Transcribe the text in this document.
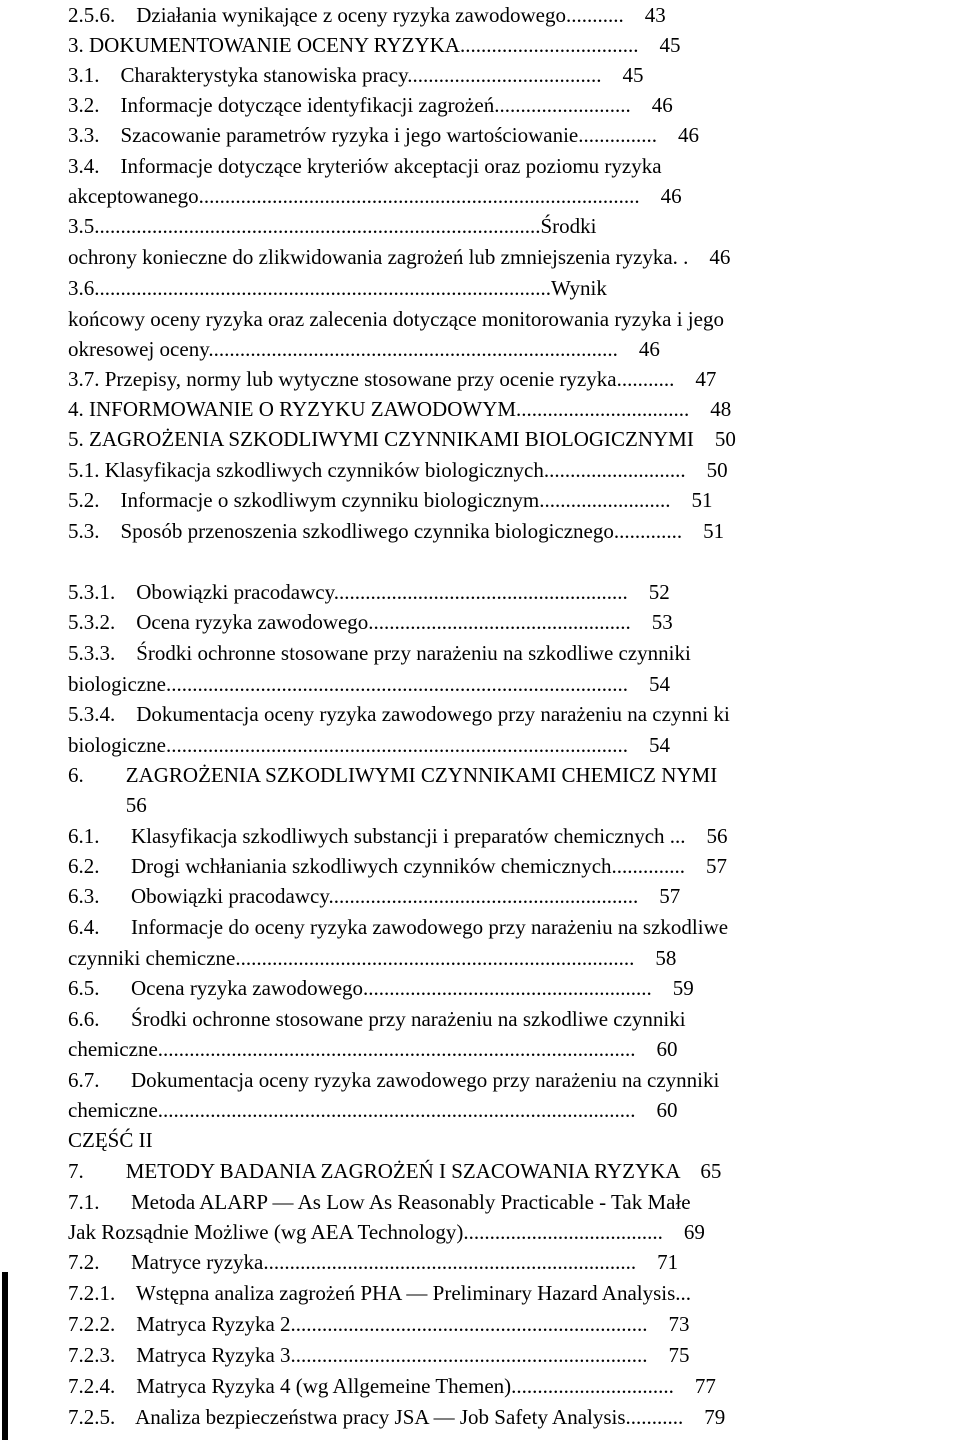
2.5.6.    Działania wynikające z oceny ryzyka zawodowego...........    43
3. DOKUMENTOWANIE OCENY RYZYKA..................................    45
3.1.    Charakterystyka stanowiska pracy.....................................    45
3.2.    Informacje dotyczące identyfikacji zagrożeń..........................    46
3.3.    Szacowanie parametrów ryzyka i jego wartościowanie...............    46
3.4.    Informacje dotyczące kryteriów akceptacji oraz poziomu ryzyka
akceptowanego....................................................................................    46
3.5.....................................................................................Środki
ochrony konieczne do zlikwidowania zagrożeń lub zmniejszenia ryzyka. .    46
3.6.......................................................................................Wynik
końcowy oceny ryzyka oraz zalecenia dotyczące monitorowania ryzyka i jego
okresowej oceny..............................................................................    46
3.7. Przepisy, normy lub wytyczne stosowane przy ocenie ryzyka...........    47
4. INFORMOWANIE O RYZYKU ZAWODOWYM.................................    48
5. ZAGROŻENIA SZKODLIWYMI CZYNNIKAMI BIOLOGICZNYMI    50
5.1. Klasyfikacja szkodliwych czynników biologicznych...........................    50
5.2.    Informacje o szkodliwym czynniku biologicznym.........................    51
5.3.    Sposób przenoszenia szkodliwego czynnika biologicznego.............    51
5.3.1.    Obowiązki pracodawcy........................................................    52
5.3.2.    Ocena ryzyka zawodowego..................................................    53
5.3.3.    Środki ochronne stosowane przy narażeniu na szkodliwe czynniki
biologiczne........................................................................................    54
5.3.4.    Dokumentacja oceny ryzyka zawodowego przy narażeniu na czynni ki
biologiczne........................................................................................    54
6.        ZAGROŻENIA SZKODLIWYMI CZYNNIKAMI CHEMICZ NYMI
56
6.1.      Klasyfikacja szkodliwych substancji i preparatów chemicznych ...    56
6.2.      Drogi wchłaniania szkodliwych czynników chemicznych..............    57
6.3.      Obowiązki pracodawcy...........................................................    57
6.4.      Informacje do oceny ryzyka zawodowego przy narażeniu na szkodliwe
czynniki chemiczne............................................................................    58
6.5.      Ocena ryzyka zawodowego.......................................................    59
6.6.      Środki ochronne stosowane przy narażeniu na szkodliwe czynniki
chemiczne...........................................................................................    60
6.7.      Dokumentacja oceny ryzyka zawodowego przy narażeniu na czynniki
chemiczne...........................................................................................    60
CZĘŚĆ II
7.        METODY BADANIA ZAGROŻEŃ I SZACOWANIA RYZYKA    65
7.1.      Metoda ALARP — As Low As Reasonably Practicable - Tak Małe
Jak Rozsądnie Możliwe (wg AEA Technology)......................................    69
7.2.      Matryce ryzyka.......................................................................    71
7.2.1.    Wstępna analiza zagrożeń PHA — Preliminary Hazard Analysis...
7.2.2.    Matryca Ryzyka 2....................................................................    73
7.2.3.    Matryca Ryzyka 3....................................................................    75
7.2.4.    Matryca Ryzyka 4 (wg Allgemeine Themen)...............................    77
7.2.5.    Analiza bezpieczeństwa pracy JSA — Job Safety Analysis...........    79
